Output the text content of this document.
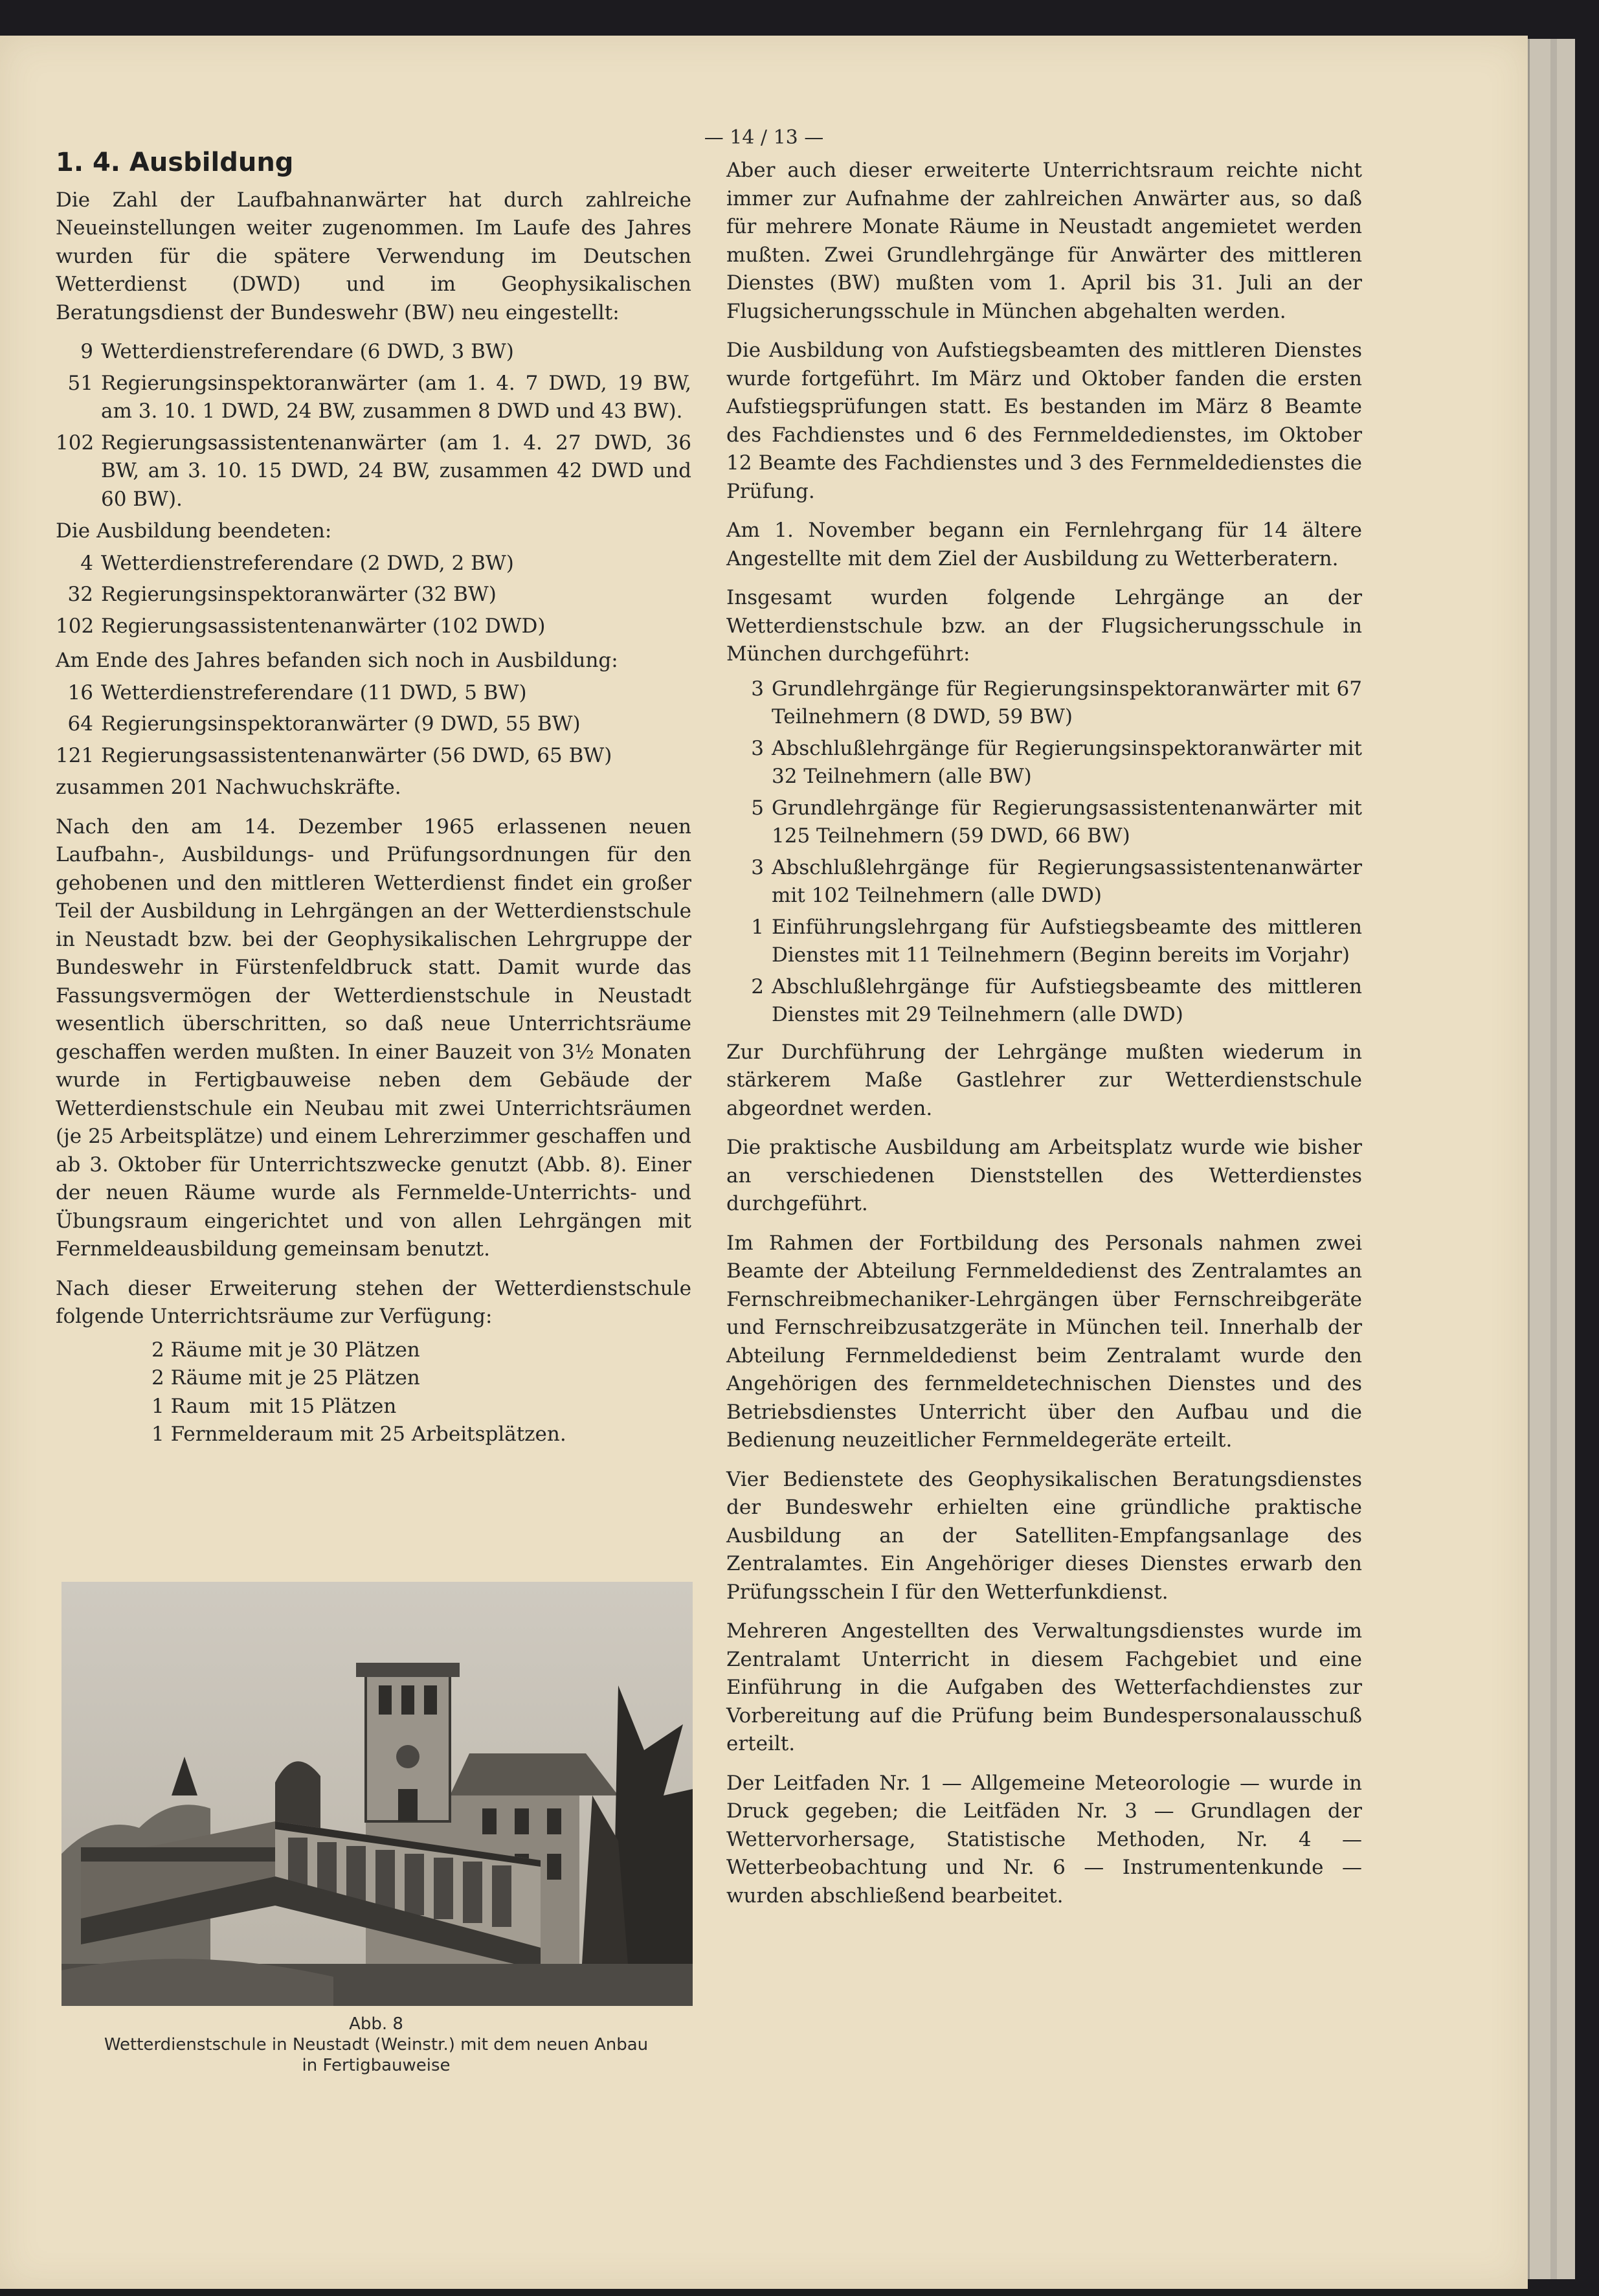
— 14 / 13 —
1. 4. Ausbildung

Die Zahl der Laufbahnanwärter hat durch zahlreiche Neueinstellungen weiter zugenommen. Im Laufe des Jahres wurden für die spätere Verwendung im Deutschen Wetterdienst (DWD) und im Geophysikalischen Beratungsdienst der Bundeswehr (BW) neu eingestellt:

9 Wetterdienstreferendare (6 DWD, 3 BW)
51 Regierungsinspektoranwärter (am 1. 4. 7 DWD, 19 BW, am 3. 10. 1 DWD, 24 BW, zusammen 8 DWD und 43 BW).
102 Regierungsassistentenanwärter (am 1. 4. 27 DWD, 36 BW, am 3. 10. 15 DWD, 24 BW, zusammen 42 DWD und 60 BW).

Die Ausbildung beendeten:

4 Wetterdienstreferendare (2 DWD, 2 BW)
32 Regierungsinspektoranwärter (32 BW)
102 Regierungsassistentenanwärter (102 DWD)

Am Ende des Jahres befanden sich noch in Ausbildung:

16 Wetterdienstreferendare (11 DWD, 5 BW)
64 Regierungsinspektoranwärter (9 DWD, 55 BW)
121 Regierungsassistentenanwärter (56 DWD, 65 BW)

zusammen 201 Nachwuchskräfte.

Nach den am 14. Dezember 1965 erlassenen neuen Laufbahn-, Ausbildungs- und Prüfungsordnungen für den gehobenen und den mittleren Wetterdienst findet ein großer Teil der Ausbildung in Lehrgängen an der Wetterdienstschule in Neustadt bzw. bei der Geophysikalischen Lehrgruppe der Bundeswehr in Fürstenfeldbruck statt. Damit wurde das Fassungsvermögen der Wetterdienstschule in Neustadt wesentlich überschritten, so daß neue Unterrichtsräume geschaffen werden mußten. In einer Bauzeit von 3½ Monaten wurde in Fertigbauweise neben dem Gebäude der Wetterdienstschule ein Neubau mit zwei Unterrichtsräumen (je 25 Arbeitsplätze) und einem Lehrerzimmer geschaffen und ab 3. Oktober für Unterrichtszwecke genutzt (Abb. 8). Einer der neuen Räume wurde als Fernmelde-Unterrichts- und Übungsraum eingerichtet und von allen Lehrgängen mit Fernmeldeausbildung gemeinsam benutzt.

Nach dieser Erweiterung stehen der Wetterdienstschule folgende Unterrichtsräume zur Verfügung:

2 Räume mit je 30 Plätzen
2 Räume mit je 25 Plätzen
1 Raum   mit 15 Plätzen
1 Fernmelderaum mit 25 Arbeitsplätzen.
Abb. 8
Wetterdienstschule in Neustadt (Weinstr.) mit dem neuen Anbau
in Fertigbauweise

Aber auch dieser erweiterte Unterrichtsraum reichte nicht immer zur Aufnahme der zahlreichen Anwärter aus, so daß für mehrere Monate Räume in Neustadt angemietet werden mußten. Zwei Grundlehrgänge für Anwärter des mittleren Dienstes (BW) mußten vom 1. April bis 31. Juli an der Flugsicherungsschule in München abgehalten werden.

Die Ausbildung von Aufstiegsbeamten des mittleren Dienstes wurde fortgeführt. Im März und Oktober fanden die ersten Aufstiegsprüfungen statt. Es bestanden im März 8 Beamte des Fachdienstes und 6 des Fernmeldedienstes, im Oktober 12 Beamte des Fachdienstes und 3 des Fernmeldedienstes die Prüfung.

Am 1. November begann ein Fernlehrgang für 14 ältere Angestellte mit dem Ziel der Ausbildung zu Wetterberatern.

Insgesamt wurden folgende Lehrgänge an der Wetterdienstschule bzw. an der Flugsicherungsschule in München durchgeführt:

3 Grundlehrgänge für Regierungsinspektoranwärter mit 67 Teilnehmern (8 DWD, 59 BW)
3 Abschlußlehrgänge für Regierungsinspektoranwärter mit 32 Teilnehmern (alle BW)
5 Grundlehrgänge für Regierungsassistentenanwärter mit 125 Teilnehmern (59 DWD, 66 BW)
3 Abschlußlehrgänge für Regierungsassistentenanwärter mit 102 Teilnehmern (alle DWD)
1 Einführungslehrgang für Aufstiegsbeamte des mittleren Dienstes mit 11 Teilnehmern (Beginn bereits im Vorjahr)
2 Abschlußlehrgänge für Aufstiegsbeamte des mittleren Dienstes mit 29 Teilnehmern (alle DWD)

Zur Durchführung der Lehrgänge mußten wiederum in stärkerem Maße Gastlehrer zur Wetterdienstschule abgeordnet werden.

Die praktische Ausbildung am Arbeitsplatz wurde wie bisher an verschiedenen Dienststellen des Wetterdienstes durchgeführt.

Im Rahmen der Fortbildung des Personals nahmen zwei Beamte der Abteilung Fernmeldedienst des Zentralamtes an Fernschreibmechaniker-Lehrgängen über Fernschreibgeräte und Fernschreibzusatzgeräte in München teil. Innerhalb der Abteilung Fernmeldedienst beim Zentralamt wurde den Angehörigen des fernmeldetechnischen Dienstes und des Betriebsdienstes Unterricht über den Aufbau und die Bedienung neuzeitlicher Fernmeldegeräte erteilt.

Vier Bedienstete des Geophysikalischen Beratungsdienstes der Bundeswehr erhielten eine gründliche praktische Ausbildung an der Satelliten-Empfangsanlage des Zentralamtes. Ein Angehöriger dieses Dienstes erwarb den Prüfungsschein I für den Wetterfunkdienst.

Mehreren Angestellten des Verwaltungsdienstes wurde im Zentralamt Unterricht in diesem Fachgebiet und eine Einführung in die Aufgaben des Wetterfachdienstes zur Vorbereitung auf die Prüfung beim Bundespersonalausschuß erteilt.

Der Leitfaden Nr. 1 — Allgemeine Meteorologie — wurde in Druck gegeben; die Leitfäden Nr. 3 — Grundlagen der Wettervorhersage, Statistische Methoden, Nr. 4 — Wetterbeobachtung und Nr. 6 — Instrumentenkunde — wurden abschließend bearbeitet.
